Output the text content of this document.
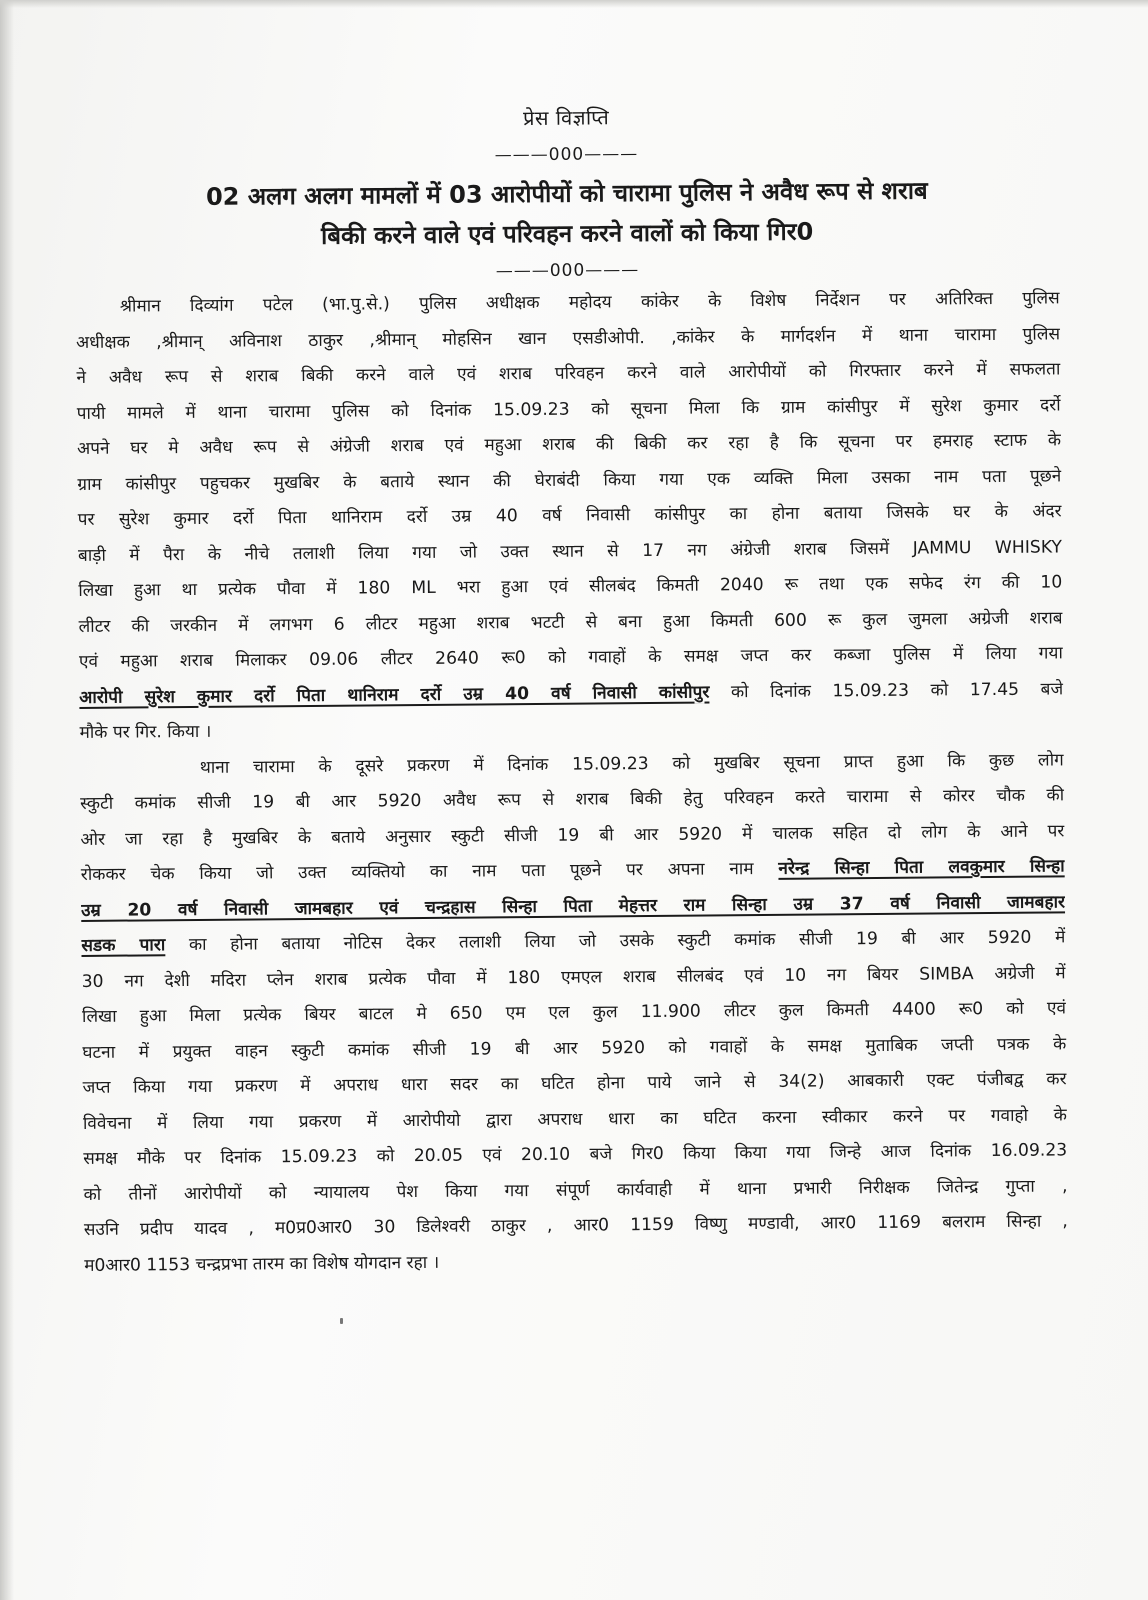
प्रेस विज्ञप्ति
———000———
02 अलग अलग मामलों में 03 आरोपीयों को चारामा पुलिस ने अवैध रूप से शराब
बिकी करने वाले एवं परिवहन करने वालों को किया गिर0
———000———
श्रीमान दिव्यांग पटेल (भा.पु.से.) पुलिस अधीक्षक महोदय कांकेर के विशेष निर्देशन पर अतिरिक्त पुलिस
अधीक्षक ,श्रीमान् अविनाश ठाकुर ,श्रीमान् मोहसिन खान एसडीओपी. ,कांकेर के मार्गदर्शन में थाना चारामा पुलिस
ने अवैध रूप से शराब बिकी करने वाले एवं शराब परिवहन करने वाले आरोपीयों को गिरफ्तार करने में सफलता
पायी मामले में थाना चारामा पुलिस को दिनांक 15.09.23 को सूचना मिला कि ग्राम कांसीपुर में सुरेश कुमार दर्रो
अपने घर मे अवैध रूप से अंग्रेजी शराब एवं महुआ शराब की बिकी कर रहा है कि सूचना पर हमराह स्टाफ के
ग्राम कांसीपुर पहुचकर मुखबिर के बताये स्थान की घेराबंदी किया गया एक व्यक्ति मिला उसका नाम पता पूछने
पर सुरेश कुमार दर्रो पिता थानिराम दर्रो उम्र 40 वर्ष निवासी कांसीपुर का होना बताया जिसके घर के अंदर
बाड़ी में पैरा के नीचे तलाशी लिया गया जो उक्त स्थान से 17 नग अंग्रेजी शराब जिसमें JAMMU WHISKY
लिखा हुआ था प्रत्येक पौवा में 180 ML भरा हुआ एवं सीलबंद किमती 2040 रू तथा एक सफेद रंग की 10
लीटर की जरकीन में लगभग 6 लीटर महुआ शराब भटटी से बना हुआ किमती 600 रू कुल जुमला अग्रेजी शराब
एवं महुआ शराब मिलाकर 09.06 लीटर 2640 रू0 को गवाहों के समक्ष जप्त कर कब्जा पुलिस में लिया गया
आरोपी सुरेश कुमार दर्रो पिता थानिराम दर्रो उम्र 40 वर्ष निवासी कांसीपुर को दिनांक 15.09.23 को 17.45 बजे
मौके पर गिर. किया ।
थाना चारामा के दूसरे प्रकरण में दिनांक 15.09.23 को मुखबिर सूचना प्राप्त हुआ कि कुछ लोग
स्कुटी कमांक सीजी 19 बी आर 5920 अवैध रूप से शराब बिकी हेतु परिवहन करते चारामा से कोरर चौक की
ओर जा रहा है मुखबिर के बताये अनुसार स्कुटी सीजी 19 बी आर 5920 में चालक सहित दो लोग के आने पर
रोककर चेक किया जो उक्त व्यक्तियो का नाम पता पूछने पर अपना नाम नरेन्द्र सिन्हा पिता लवकुमार सिन्हा
उम्र 20 वर्ष निवासी जामबहार एवं चन्द्रहास सिन्हा पिता मेहत्तर राम सिन्हा उम्र 37 वर्ष निवासी जामबहार
सडक पारा का होना बताया नोटिस देकर तलाशी लिया जो उसके स्कुटी कमांक सीजी 19 बी आर 5920 में
30 नग देशी मदिरा प्लेन शराब प्रत्येक पौवा में 180 एमएल शराब सीलबंद एवं 10 नग बियर SIMBA अग्रेजी में
लिखा हुआ मिला प्रत्येक बियर बाटल मे 650 एम एल कुल 11.900 लीटर कुल किमती 4400 रू0 को एवं
घटना में प्रयुक्त वाहन स्कुटी कमांक सीजी 19 बी आर 5920 को गवाहों के समक्ष मुताबिक जप्ती पत्रक के
जप्त किया गया प्रकरण में अपराध धारा सदर का घटित होना पाये जाने से 34(2) आबकारी एक्ट पंजीबद्व कर
विवेचना में लिया गया प्रकरण में आरोपीयो द्वारा अपराध धारा का घटित करना स्वीकार करने पर गवाहो के
समक्ष मौके पर दिनांक 15.09.23 को 20.05 एवं 20.10 बजे गिर0 किया किया गया जिन्हे आज दिनांक 16.09.23
को तीनों आरोपीयों को न्यायालय पेश किया गया संपूर्ण कार्यवाही में थाना प्रभारी निरीक्षक जितेन्द्र गुप्ता ,
सउनि प्रदीप यादव , म0प्र0आर0 30 डिलेश्वरी ठाकुर , आर0 1159 विष्णु मण्डावी, आर0 1169 बलराम सिन्हा ,
म0आर0 1153 चन्द्रप्रभा तारम का विशेष योगदान रहा ।
